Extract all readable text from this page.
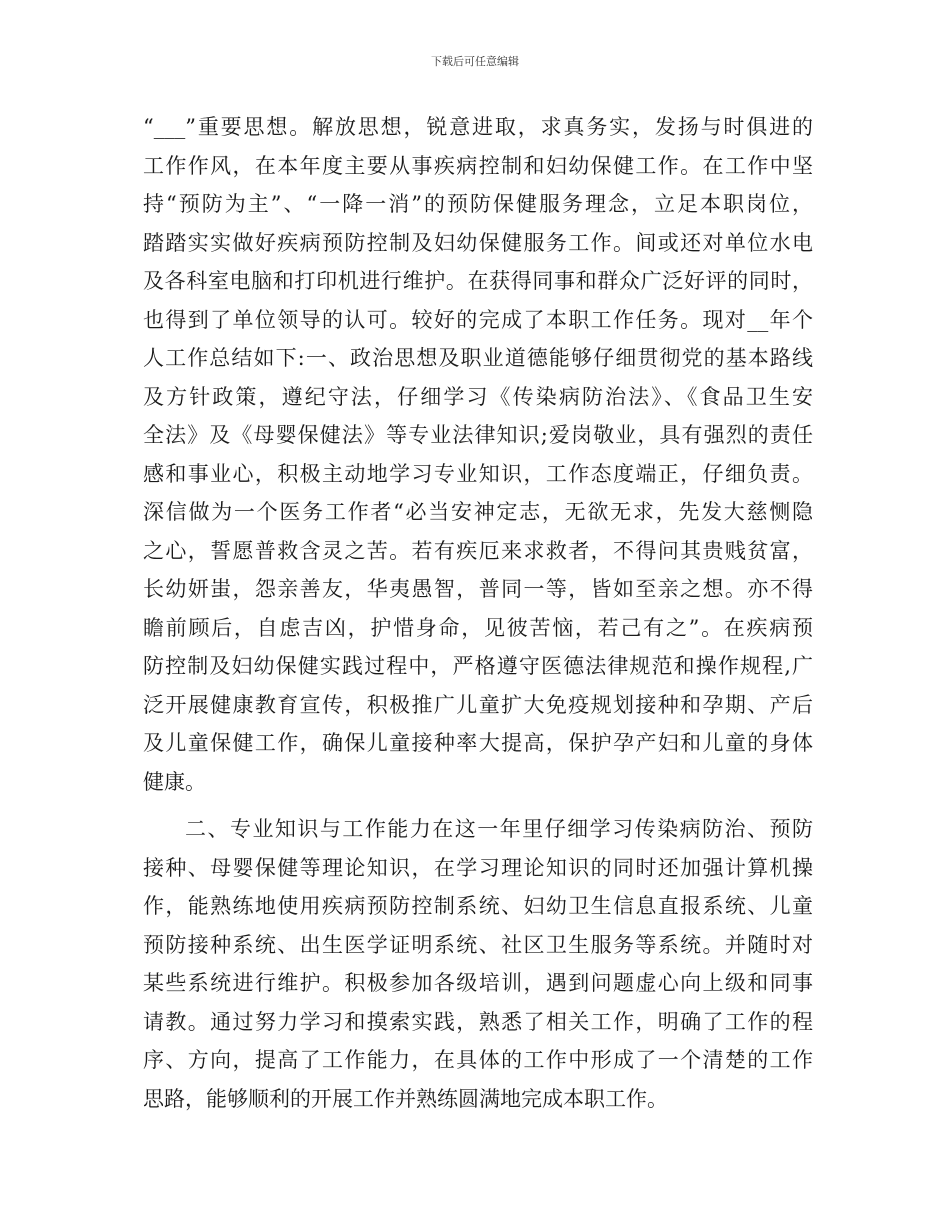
下载后可任意编辑
“___”重要思想。解放思想，锐意进取，求真务实，发扬与时俱进的
工作作风，在本年度主要从事疾病控制和妇幼保健工作。在工作中坚
持“预防为主”、“一降一消”的预防保健服务理念，立足本职岗位，
踏踏实实做好疾病预防控制及妇幼保健服务工作。间或还对单位水电
及各科室电脑和打印机进行维护。在获得同事和群众广泛好评的同时，
也得到了单位领导的认可。较好的完成了本职工作任务。现对__年个
人工作总结如下:一、政治思想及职业道德能够仔细贯彻党的基本路线
及方针政策，遵纪守法，仔细学习《传染病防治法》、《食品卫生安
全法》及《母婴保健法》等专业法律知识;爱岗敬业，具有强烈的责任
感和事业心，积极主动地学习专业知识，工作态度端正，仔细负责。
深信做为一个医务工作者“必当安神定志，无欲无求，先发大慈恻隐
之心，誓愿普救含灵之苦。若有疾厄来求救者，不得问其贵贱贫富，
长幼妍蚩，怨亲善友，华夷愚智，普同一等，皆如至亲之想。亦不得
瞻前顾后，自虑吉凶，护惜身命，见彼苦恼，若己有之”。在疾病预
防控制及妇幼保健实践过程中，严格遵守医德法律规范和操作规程,广
泛开展健康教育宣传，积极推广儿童扩大免疫规划接种和孕期、产后
及儿童保健工作，确保儿童接种率大提高，保护孕产妇和儿童的身体
健康。
二、专业知识与工作能力在这一年里仔细学习传染病防治、预防
接种、母婴保健等理论知识，在学习理论知识的同时还加强计算机操
作，能熟练地使用疾病预防控制系统、妇幼卫生信息直报系统、儿童
预防接种系统、出生医学证明系统、社区卫生服务等系统。并随时对
某些系统进行维护。积极参加各级培训，遇到问题虚心向上级和同事
请教。通过努力学习和摸索实践，熟悉了相关工作，明确了工作的程
序、方向，提高了工作能力，在具体的工作中形成了一个清楚的工作
思路，能够顺利的开展工作并熟练圆满地完成本职工作。
